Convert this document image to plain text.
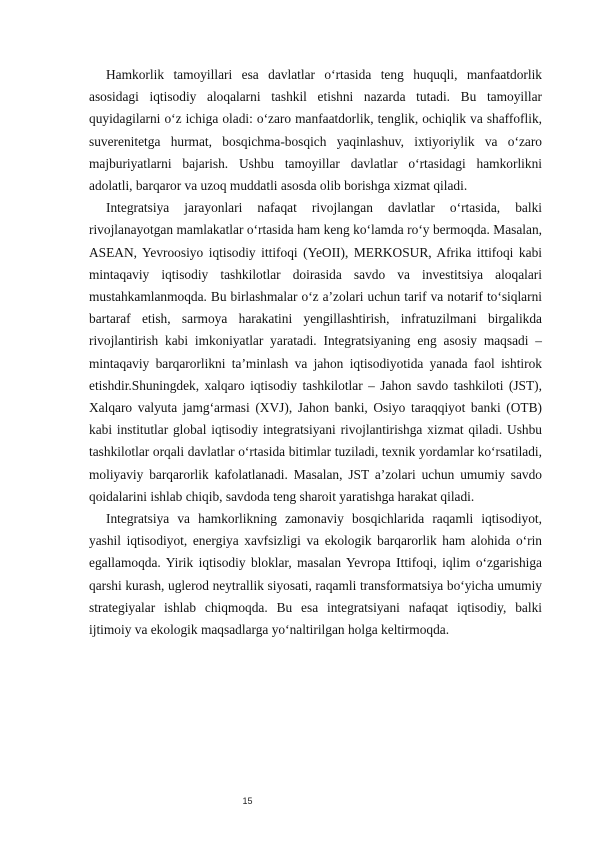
Hamkorlik tamoyillari esa davlatlar o‘rtasida teng huquqli, manfaatdorlik asosidagi iqtisodiy aloqalarni tashkil etishni nazarda tutadi. Bu tamoyillar quyidagilarni o‘z ichiga oladi: o‘zaro manfaatdorlik, tenglik, ochiqlik va shaffoflik, suverenitetga hurmat, bosqichma-bosqich yaqinlashuv, ixtiyoriylik va o‘zaro majburiyatlarni bajarish. Ushbu tamoyillar davlatlar o‘rtasidagi hamkorlikni adolatli, barqaror va uzoq muddatli asosda olib borishga xizmat qiladi.

Integratsiya jarayonlari nafaqat rivojlangan davlatlar o‘rtasida, balki rivojlanayotgan mamlakatlar o‘rtasida ham keng ko‘lamda ro‘y bermoqda. Masalan, ASEAN, Yevroosiyo iqtisodiy ittifoqi (YeOII), MERKOSUR, Afrika ittifoqi kabi mintaqaviy iqtisodiy tashkilotlar doirasida savdo va investitsiya aloqalari mustahkamlanmoqda. Bu birlashmalar o‘z a’zolari uchun tarif va notarif to‘siqlarni bartaraf etish, sarmoya harakatini yengillashtirish, infratuzilmani birgalikda rivojlantirish kabi imkoniyatlar yaratadi. Integratsiyaning eng asosiy maqsadi – mintaqaviy barqarorlikni ta’minlash va jahon iqtisodiyotida yanada faol ishtirok etishdir.Shuningdek, xalqaro iqtisodiy tashkilotlar – Jahon savdo tashkiloti (JST), Xalqaro valyuta jamg‘armasi (XVJ), Jahon banki, Osiyo taraqqiyot banki (OTB) kabi institutlar global iqtisodiy integratsiyani rivojlantirishga xizmat qiladi. Ushbu tashkilotlar orqali davlatlar o‘rtasida bitimlar tuziladi, texnik yordamlar ko‘rsatiladi, moliyaviy barqarorlik kafolatlanadi. Masalan, JST a’zolari uchun umumiy savdo qoidalarini ishlab chiqib, savdoda teng sharoit yaratishga harakat qiladi.

Integratsiya va hamkorlikning zamonaviy bosqichlarida raqamli iqtisodiyot, yashil iqtisodiyot, energiya xavfsizligi va ekologik barqarorlik ham alohida o‘rin egallamoqda. Yirik iqtisodiy bloklar, masalan Yevropa Ittifoqi, iqlim o‘zgarishiga qarshi kurash, uglerod neytrallik siyosati, raqamli transformatsiya bo‘yicha umumiy strategiyalar ishlab chiqmoqda. Bu esa integratsiyani nafaqat iqtisodiy, balki ijtimoiy va ekologik maqsadlarga yo‘naltirilgan holga keltirmoqda.

15
